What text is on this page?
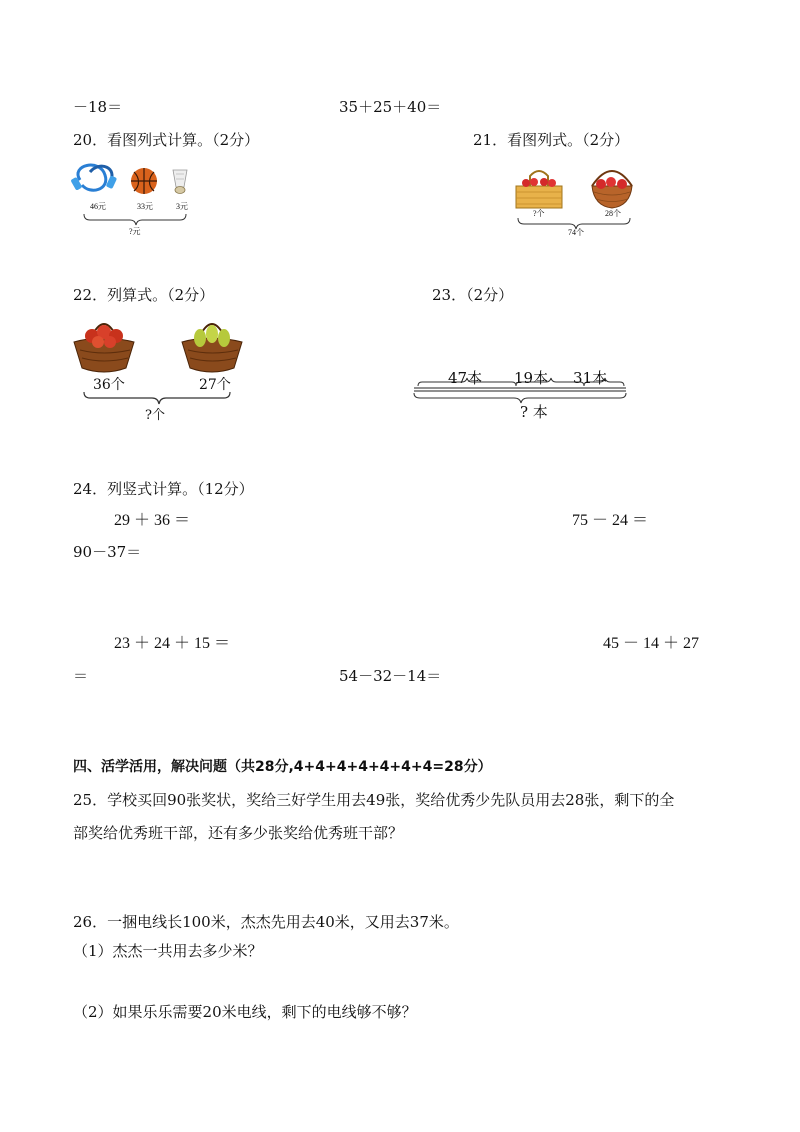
－18＝	35＋25＋40＝
20．看图列式计算。（2分）
46元	33元	3元
?元
21．看图列式。（2分）
?个	28个
74个
22．列算式。（2分）
36个	27个
?个
23．（2分）
47本 19本 31本
? 本
24．列竖式计算。（12分）
29 ＋ 36 ＝	75 － 24 ＝
90－37＝
23 ＋ 24 ＋ 15 ＝	45 － 14 ＋ 27
＝	54－32－14＝
四、活学活用，解决问题（共28分,4+4+4+4+4+4+4=28分）
25．学校买回90张奖状，奖给三好学生用去49张，奖给优秀少先队员用去28张，剩下的全
部奖给优秀班干部，还有多少张奖给优秀班干部？
26．一捆电线长100米，杰杰先用去40米，又用去37米。
（1）杰杰一共用去多少米？
（2）如果乐乐需要20米电线，剩下的电线够不够？
